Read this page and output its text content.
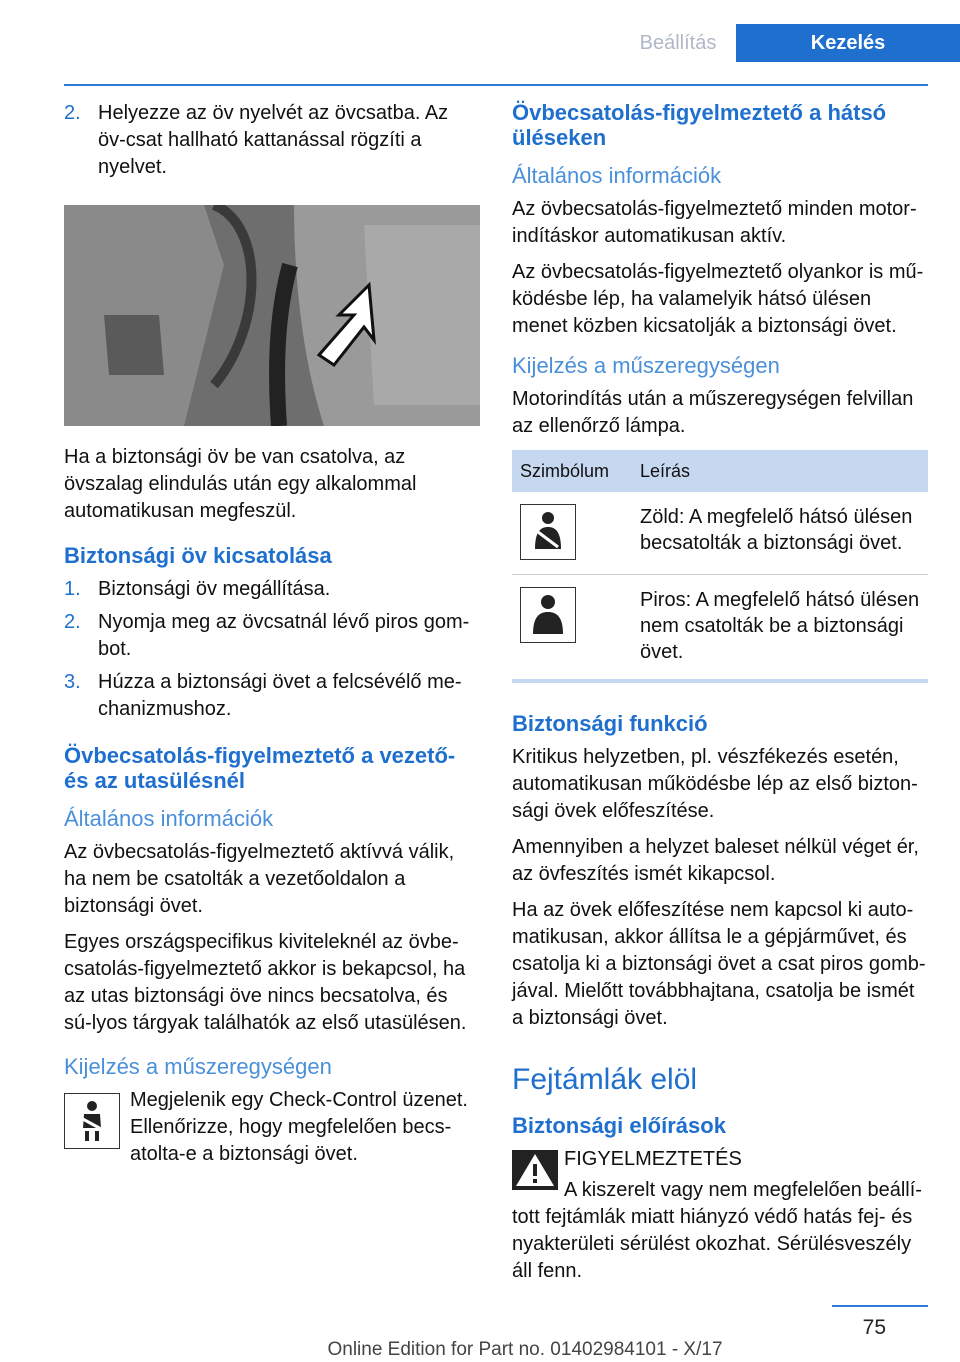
Beállítás	Kezelés
2. Helyezze az öv nyelvét az övcsatba. Az öv-csat hallható kattanással rögzíti a nyelvet.

Ha a biztonsági öv be van csatolva, az övszalag elindulás után egy alkalommal automatikusan megfeszül.

Biztonsági öv kicsatolása
1. Biztonsági öv megállítása.
2. Nyomja meg az övcsatnál lévő piros gom-bot.
3. Húzza a biztonsági övet a felcsévélő me-chanizmushoz.
Övbecsatolás-figyelmeztető a vezető- és az utasülésnél
Általános információk

Az övbecsatolás-figyelmeztető aktívvá válik, ha nem be csatolták a vezetőoldalon a biztonsági övet.

Egyes országspecifikus kiviteleknél az övbe-csatolás-figyelmeztető akkor is bekapcsol, ha az utas biztonsági öve nincs becsatolva, és sú-lyos tárgyak találhatók az első utasülésen.

Kijelzés a műszeregységen

Megjelenik egy Check-Control üzenet. Ellenőrizze, hogy megfelelően becs-atolta-e a biztonsági övet.

Övbecsatolás-figyelmeztető a hátsó üléseken
Általános információk

Az övbecsatolás-figyelmeztető minden motor-indításkor automatikusan aktív.

Az övbecsatolás-figyelmeztető olyankor is mű-ködésbe lép, ha valamelyik hátsó ülésen menet közben kicsatolják a biztonsági övet.

Kijelzés a műszeregységen

Motorindítás után a műszeregységen felvillan az ellenőrző lámpa.

Szimbólum	Leírás

	Zöld: A megfelelő hátsó ülésen becsatolták a biztonsági övet.

	Piros: A megfelelő hátsó ülésen nem csatolták be a biztonsági övet.
Biztonsági funkció

Kritikus helyzetben, pl. vészfékezés esetén, automatikusan működésbe lép az első bizton-sági övek előfeszítése.

Amennyiben a helyzet baleset nélkül véget ér, az övfeszítés ismét kikapcsol.

Ha az övek előfeszítése nem kapcsol ki auto-matikusan, akkor állítsa le a gépjárművet, és csatolja ki a biztonsági övet a csat piros gomb-jával. Mielőtt továbbhajtana, csatolja be ismét a biztonsági övet.

Fejtámlák elöl
Biztonsági előírások

FIGYELMEZTETÉS

A kiszerelt vagy nem megfelelően beállí-tott fejtámlák miatt hiányzó védő hatás fej- és nyakterületi sérülést okozhat. Sérülésveszély áll fenn.

75
Online Edition for Part no. 01402984101 - X/17
